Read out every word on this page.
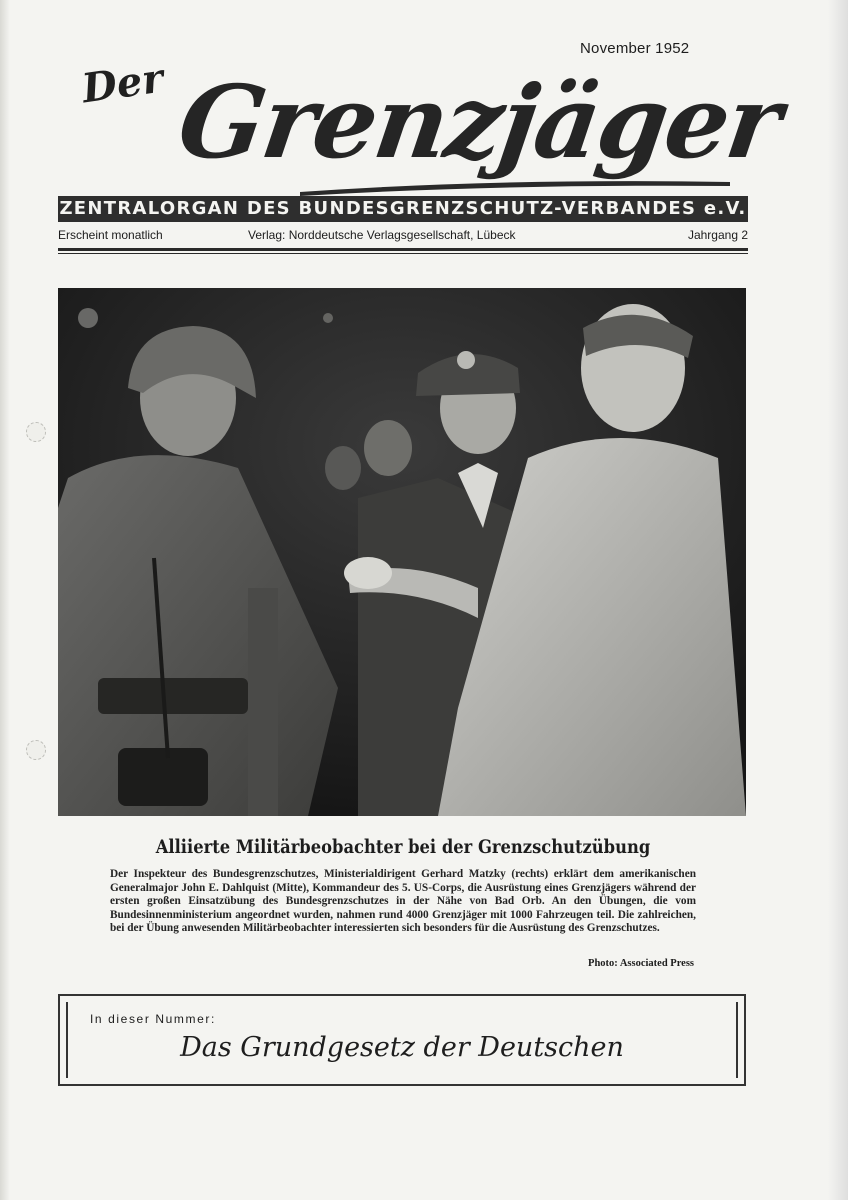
November 1952
Der Grenzjäger
ZENTRALORGAN DES BUNDESGRENZSCHUTZ-VERBANDES e.V.
Erscheint monatlich	Verlag: Norddeutsche Verlagsgesellschaft, Lübeck	Jahrgang 2
Alliierte Militärbeobachter bei der Grenzschutzübung
Der Inspekteur des Bundesgrenzschutzes, Ministerialdirigent Gerhard Matzky (rechts) erklärt dem amerikanischen Generalmajor John E. Dahlquist (Mitte), Kommandeur des 5. US-Corps, die Ausrüstung eines Grenzjägers während der ersten großen Einsatzübung des Bundesgrenzschutzes in der Nähe von Bad Orb. An den Übungen, die vom Bundesinnenministerium angeordnet wurden, nahmen rund 4000 Grenzjäger mit 1000 Fahrzeugen teil. Die zahlreichen, bei der Übung anwesenden Militärbeobachter interessierten sich besonders für die Ausrüstung des Grenzschutzes.
Photo: Associated Press
In dieser Nummer:
Das Grundgesetz der Deutschen
